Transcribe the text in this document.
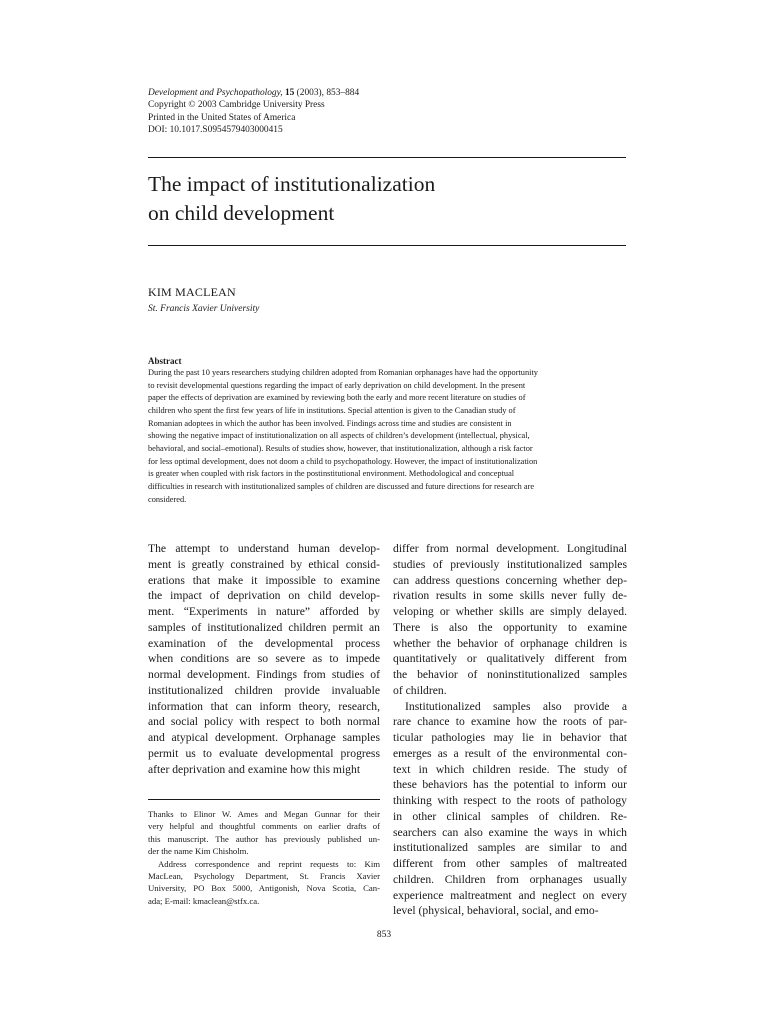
Development and Psychopathology, 15 (2003), 853–884
Copyright © 2003 Cambridge University Press
Printed in the United States of America
DOI: 10.1017.S0954579403000415
The impact of institutionalization
on child development
KIM MACLEAN
St. Francis Xavier University
Abstract
During the past 10 years researchers studying children adopted from Romanian orphanages have had the opportunity
to revisit developmental questions regarding the impact of early deprivation on child development. In the present
paper the effects of deprivation are examined by reviewing both the early and more recent literature on studies of
children who spent the first few years of life in institutions. Special attention is given to the Canadian study of
Romanian adoptees in which the author has been involved. Findings across time and studies are consistent in
showing the negative impact of institutionalization on all aspects of children’s development (intellectual, physical,
behavioral, and social–emotional). Results of studies show, however, that institutionalization, although a risk factor
for less optimal development, does not doom a child to psychopathology. However, the impact of institutionalization
is greater when coupled with risk factors in the postinstitutional environment. Methodological and conceptual
difficulties in research with institutionalized samples of children are discussed and future directions for research are
considered.
The attempt to understand human develop-
ment is greatly constrained by ethical consid-
erations that make it impossible to examine
the impact of deprivation on child develop-
ment. “Experiments in nature” afforded by
samples of institutionalized children permit an
examination of the developmental process
when conditions are so severe as to impede
normal development. Findings from studies of
institutionalized children provide invaluable
information that can inform theory, research,
and social policy with respect to both normal
and atypical development. Orphanage samples
permit us to evaluate developmental progress
after deprivation and examine how this might
differ from normal development. Longitudinal
studies of previously institutionalized samples
can address questions concerning whether dep-
rivation results in some skills never fully de-
veloping or whether skills are simply delayed.
There is also the opportunity to examine
whether the behavior of orphanage children is
quantitatively or qualitatively different from
the behavior of noninstitutionalized samples
of children.
Institutionalized samples also provide a
rare chance to examine how the roots of par-
ticular pathologies may lie in behavior that
emerges as a result of the environmental con-
text in which children reside. The study of
these behaviors has the potential to inform our
thinking with respect to the roots of pathology
in other clinical samples of children. Re-
searchers can also examine the ways in which
institutionalized samples are similar to and
different from other samples of maltreated
children. Children from orphanages usually
experience maltreatment and neglect on every
level (physical, behavioral, social, and emo-
Thanks to Elinor W. Ames and Megan Gunnar for their
very helpful and thoughtful comments on earlier drafts of
this manuscript. The author has previously published un-
der the name Kim Chisholm.
Address correspondence and reprint requests to: Kim
MacLean, Psychology Department, St. Francis Xavier
University, PO Box 5000, Antigonish, Nova Scotia, Can-
ada; E-mail: kmaclean@stfx.ca.
853
